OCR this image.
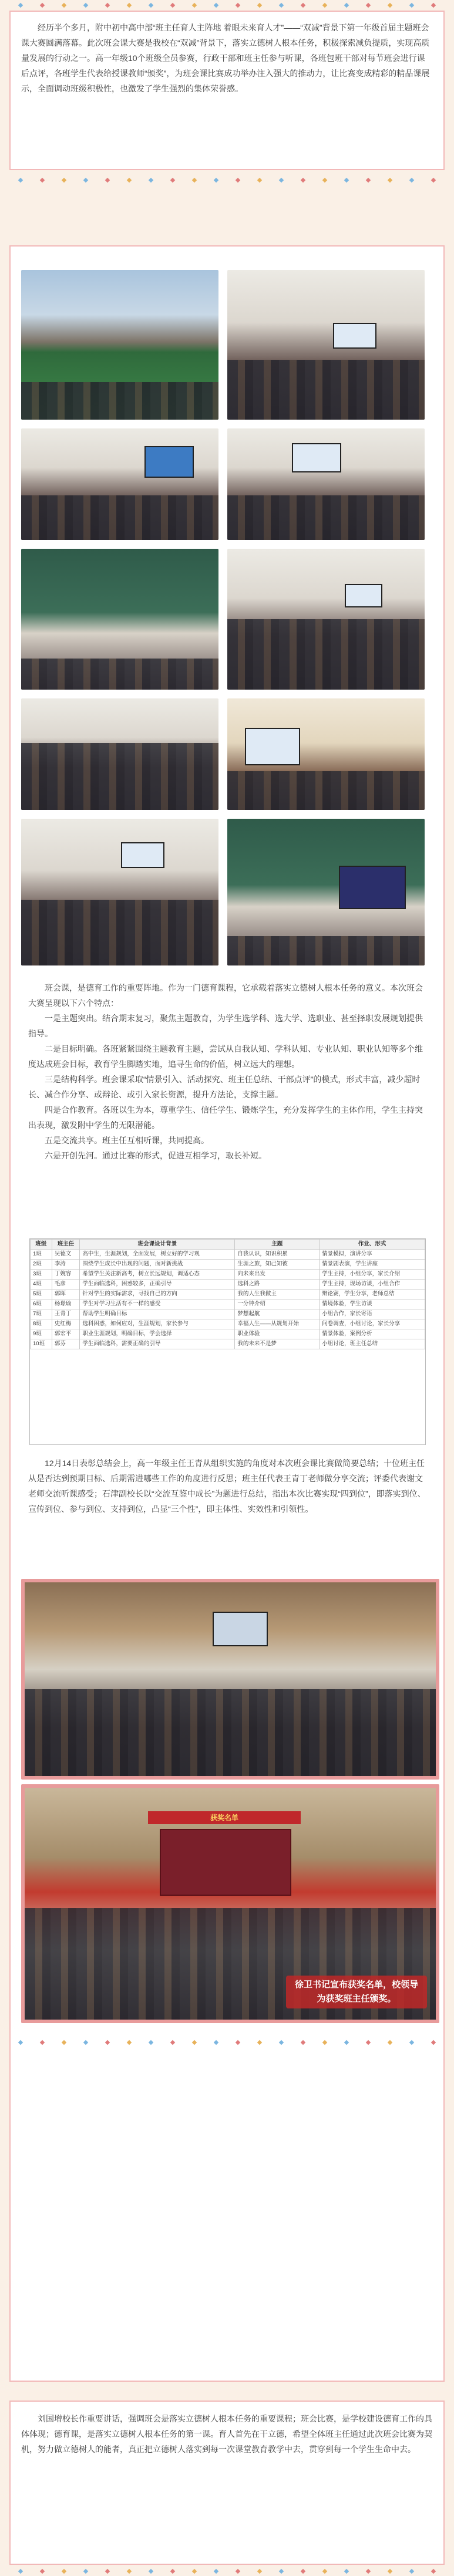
经历半个多月，附中初中高中部“班主任育人主阵地 着眼未来育人才”——“双减”背景下第一年级首届主题班会课大赛圆满落幕。此次班会课大赛是我校在“双减”背景下，落实立德树人根本任务，积极探索减负提质，实现高质量发展的行动之一。高一年级10个班级全员参赛，行政干部和班主任参与听课，各班包班干部对每节班会进行课后点评，各班学生代表给授课教师“颁奖”，为班会课比赛成功举办注入强大的推动力，让比赛变成精彩的精品课展示，全面调动班级积极性，也激发了学生强烈的集体荣誉感。

班会课，是德育工作的重要阵地。作为一门德育课程，它承载着落实立德树人根本任务的意义。本次班会大赛呈现以下六个特点：

一是主题突出。结合期末复习，聚焦主题教育，为学生选学科、选大学、选职业、甚至择职发展规划提供指导。

二是目标明确。各班紧紧围绕主题教育主题，尝试从自我认知、学科认知、专业认知、职业认知等多个维度达成班会目标，教育学生脚踏实地，追寻生命的价值，树立远大的理想。

三是结构科学。班会课采取“情景引入、活动探究、班主任总结、干部点评”的模式，形式丰富，减少超时长、减合作分享、或辩论、或引入家长资源，提升方法论，支撑主题。

四是合作教育。各班以生为本，尊重学生、信任学生、锻炼学生，充分发挥学生的主体作用，学生主持突出表现，激发附中学生的无限潜能。

五是交流共享。班主任互相听课，共同提高。

六是开创先河。通过比赛的形式，促进互相学习，取长补短。

班级	班主任	班会课设计背景	主题	作业、形式
1班	吴德文	高中生，生涯规划，全面发展，树立好的学习观	自我认识，知识积累	情景模拟，演讲分享
2班	李涛	围绕学生成长中出现的问题，面对新挑战	生涯之旅，知己知彼	情景剧表演，学生讲座
3班	丁婉容	希望学生关注新高考，树立长远规划，调适心态	向未来出发	学生主持，小组分享，家长介绍
4班	毛彦	学生面临选科，困惑较多，正确引导	选科之路	学生主持，现场访谈，小组合作
5班	郭晖	针对学生的实际需求，寻找自己的方向	我的人生我做主	辩论赛，学生分享，老师总结
6班	杨璟瑜	学生对学习生活有不一样的感受	一分钟介绍	情境体验，学生访谈
7班	王青丁	帮助学生明确目标	梦想起航	小组合作，家长寄语
8班	史红梅	选科困惑，如何应对，生涯规划，家长参与	幸福人生——从规划开始	问卷调查，小组讨论，家长分享
9班	郭宏平	职业生涯规划，明确目标，学会选择	职业体验	情景体验，案例分析
10班	郭芬	学生面临选科，需要正确的引导	我的未来不是梦	小组讨论，班主任总结

12月14日表彰总结会上，高一年级主任王青从组织实施的角度对本次班会课比赛做简要总结；十位班主任从是否达到预期目标、后期需进哪些工作的角度进行反思；班主任代表王青丁老师做分享交流；评委代表谢文老师交流听课感受；石津副校长以“交流互鉴中成长”为题进行总结，指出本次比赛实现“四到位”，即落实到位、宣传到位、参与到位、支持到位，凸显“三个性”，即主体性、实效性和引领性。

获奖名单
徐卫书记宣布获奖名单，校领导为获奖班主任颁奖。

刘国增校长作重要讲话，强调班会是落实立德树人根本任务的重要课程；班会比赛，是学校建设德育工作的具体体现；德育课，是落实立德树人根本任务的第一课。育人首先在干立德，希望全体班主任通过此次班会比赛为契机，努力做立德树人的能者，真正把立德树人落实到每一次课堂教育教学中去，贯穿到每一个学生生命中去。
